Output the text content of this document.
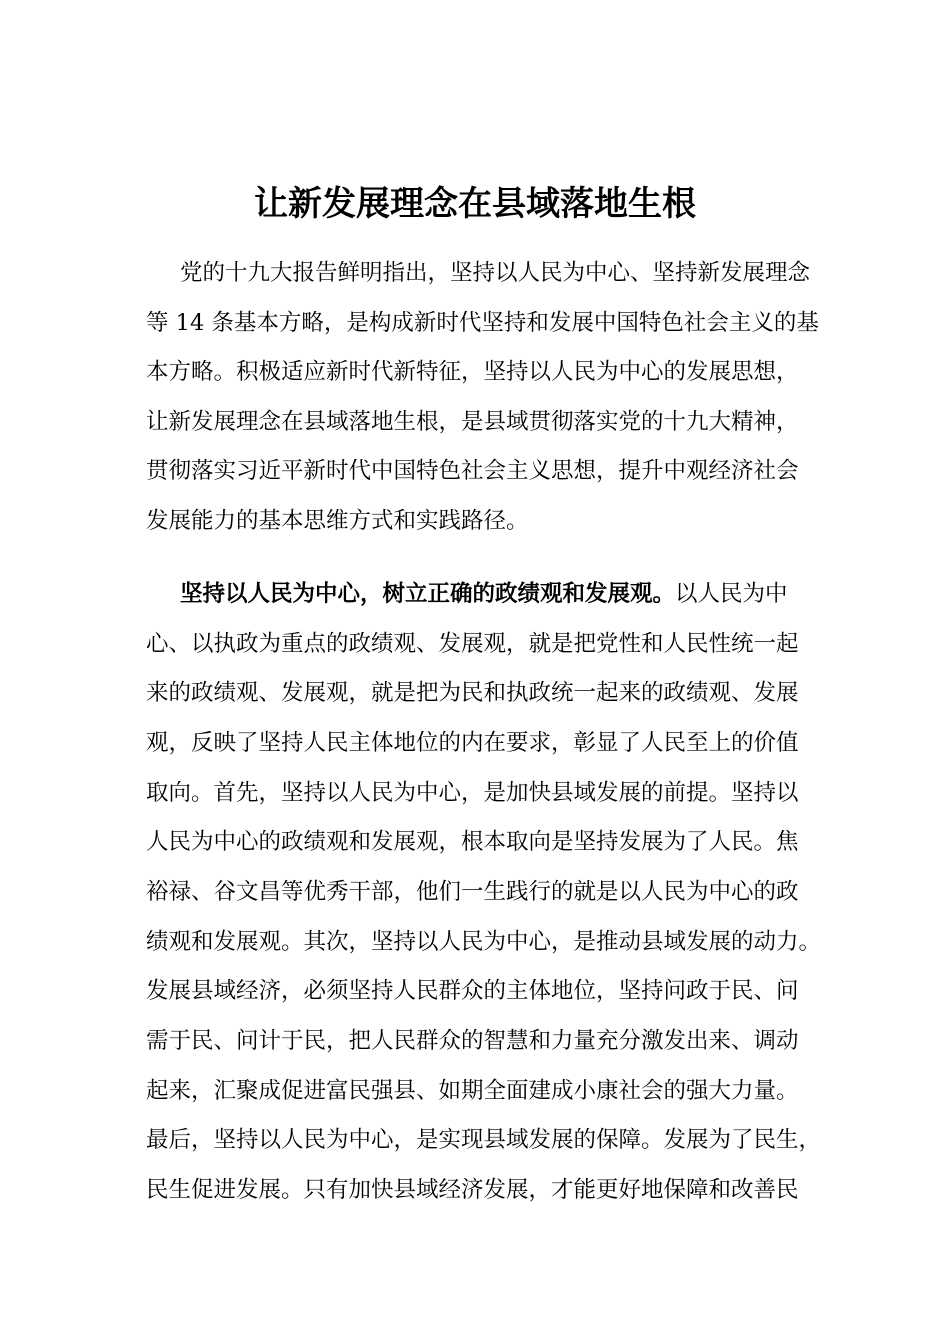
让新发展理念在县域落地生根
党的十九大报告鲜明指出，坚持以人民为中心、坚持新发展理念
等 14 条基本方略，是构成新时代坚持和发展中国特色社会主义的基
本方略。积极适应新时代新特征，坚持以人民为中心的发展思想，
让新发展理念在县域落地生根，是县域贯彻落实党的十九大精神，
贯彻落实习近平新时代中国特色社会主义思想，提升中观经济社会
发展能力的基本思维方式和实践路径。
坚持以人民为中心，树立正确的政绩观和发展观。以人民为中
心、以执政为重点的政绩观、发展观，就是把党性和人民性统一起
来的政绩观、发展观，就是把为民和执政统一起来的政绩观、发展
观，反映了坚持人民主体地位的内在要求，彰显了人民至上的价值
取向。首先，坚持以人民为中心，是加快县域发展的前提。坚持以
人民为中心的政绩观和发展观，根本取向是坚持发展为了人民。焦
裕禄、谷文昌等优秀干部，他们一生践行的就是以人民为中心的政
绩观和发展观。其次，坚持以人民为中心，是推动县域发展的动力。
发展县域经济，必须坚持人民群众的主体地位，坚持问政于民、问
需于民、问计于民，把人民群众的智慧和力量充分激发出来、调动
起来，汇聚成促进富民强县、如期全面建成小康社会的强大力量。
最后，坚持以人民为中心，是实现县域发展的保障。发展为了民生，
民生促进发展。只有加快县域经济发展，才能更好地保障和改善民
